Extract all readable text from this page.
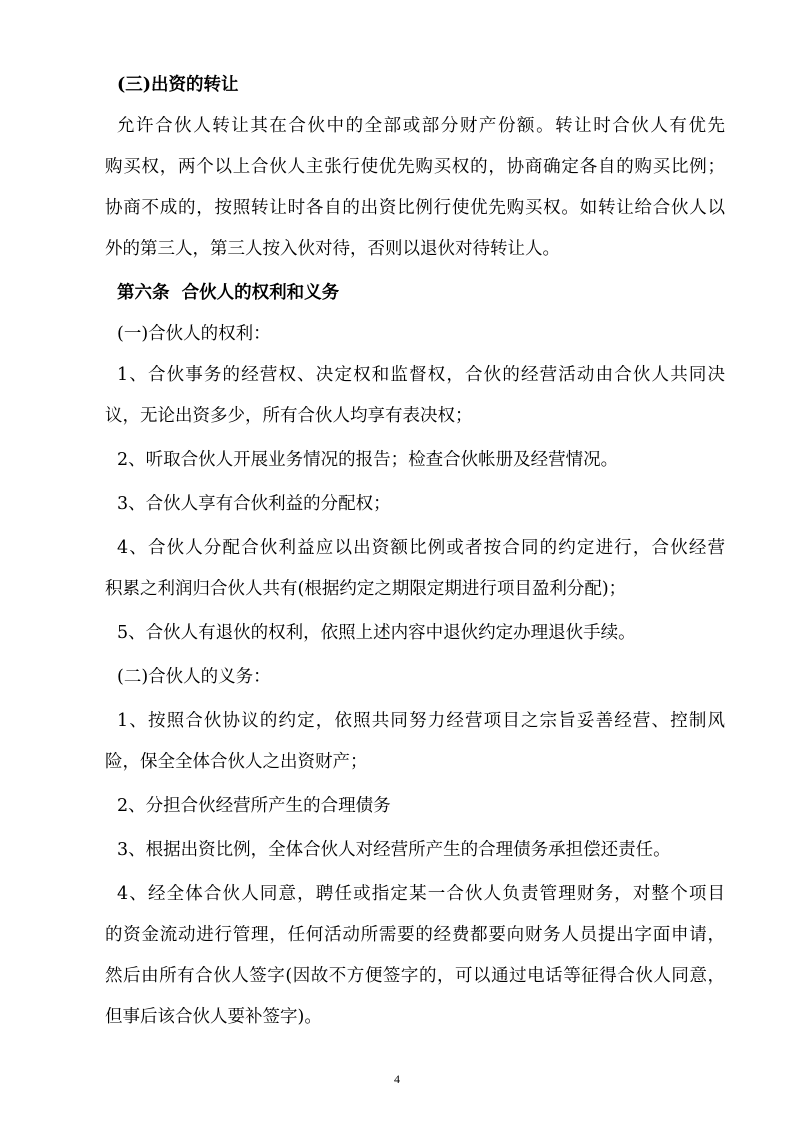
(三)出资的转让

允许合伙人转让其在合伙中的全部或部分财产份额。转让时合伙人有优先

购买权，两个以上合伙人主张行使优先购买权的，协商确定各自的购买比例；

协商不成的，按照转让时各自的出资比例行使优先购买权。如转让给合伙人以

外的第三人，第三人按入伙对待，否则以退伙对待转让人。

第六条  合伙人的权利和义务

(一)合伙人的权利：

1、合伙事务的经营权、决定权和监督权，合伙的经营活动由合伙人共同决

议，无论出资多少，所有合伙人均享有表决权；

2、听取合伙人开展业务情况的报告；检查合伙帐册及经营情况。

3、合伙人享有合伙利益的分配权；

4、合伙人分配合伙利益应以出资额比例或者按合同的约定进行，合伙经营

积累之利润归合伙人共有(根据约定之期限定期进行项目盈利分配)；

5、合伙人有退伙的权利，依照上述内容中退伙约定办理退伙手续。

(二)合伙人的义务：

1、按照合伙协议的约定，依照共同努力经营项目之宗旨妥善经营、控制风

险，保全全体合伙人之出资财产；

2、分担合伙经营所产生的合理债务

3、根据出资比例，全体合伙人对经营所产生的合理债务承担偿还责任。

4、经全体合伙人同意，聘任或指定某一合伙人负责管理财务，对整个项目

的资金流动进行管理，任何活动所需要的经费都要向财务人员提出字面申请，

然后由所有合伙人签字(因故不方便签字的，可以通过电话等征得合伙人同意，

但事后该合伙人要补签字)。

4
